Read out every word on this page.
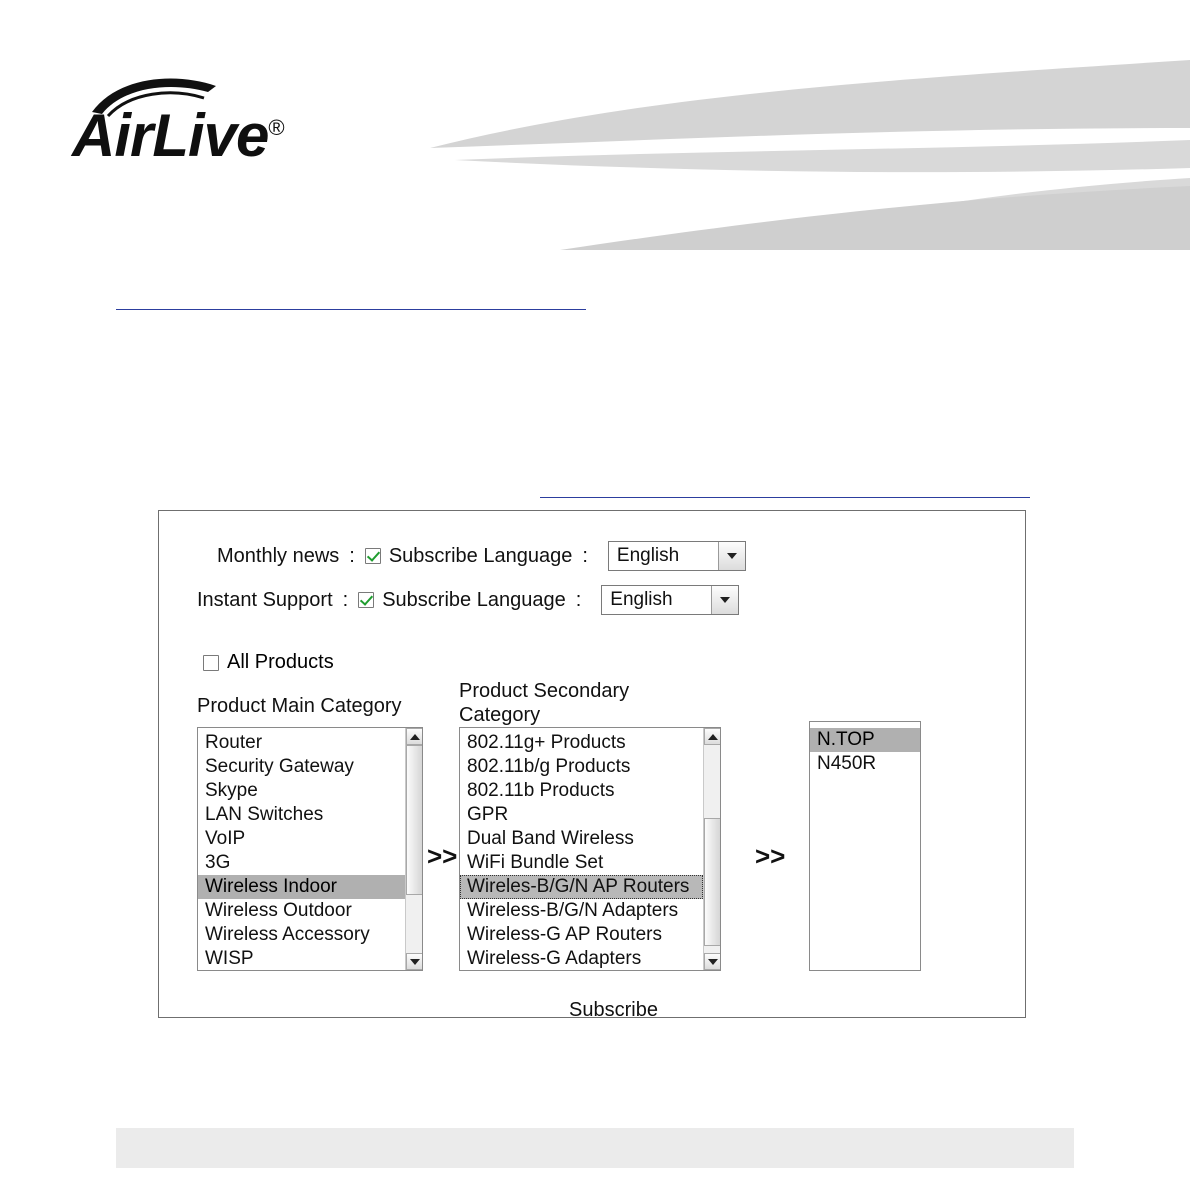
AirLive®
Monthly news : Subscribe Language :	English
Instant Support : Subscribe Language :	English
All Products
Product Main Category
Product Secondary
Category
Router
Security Gateway
Skype
LAN Switches
VoIP
3G
Wireless Indoor
Wireless Outdoor
Wireless Accessory
WISP
802.11g+ Products
802.11b/g Products
802.11b Products
GPR
Dual Band Wireless
WiFi Bundle Set
Wireles-B/G/N AP Routers
Wireless-B/G/N Adapters
Wireless-G AP Routers
Wireless-G Adapters
N.TOP
N450R
>>	>>
Subscribe
